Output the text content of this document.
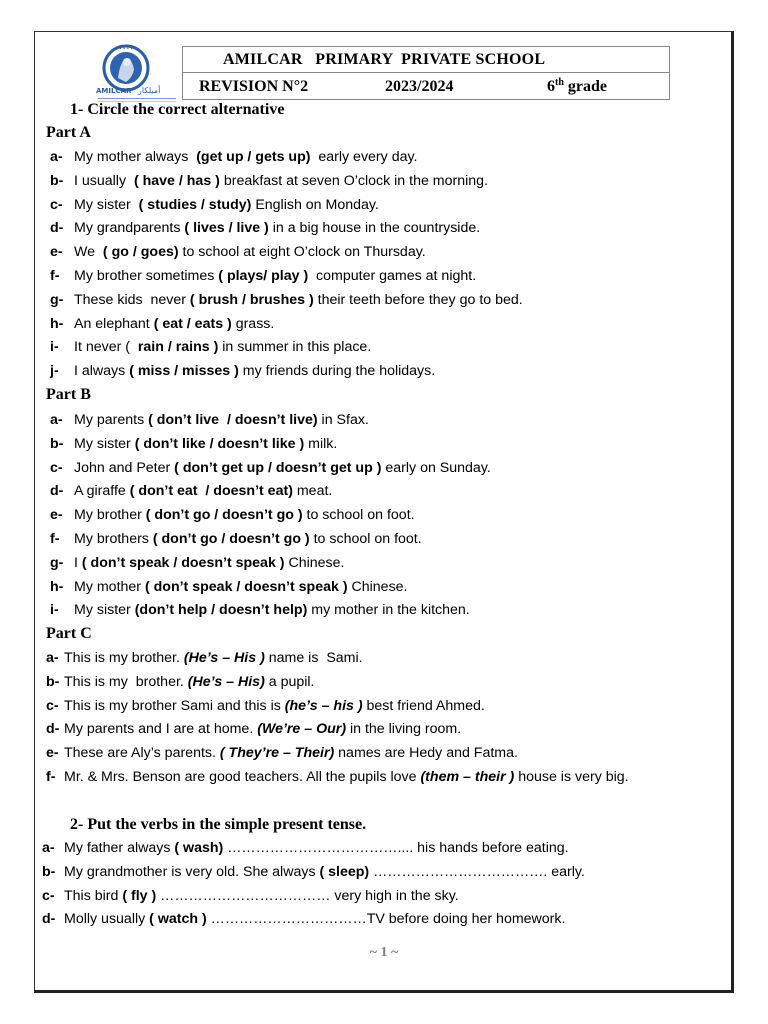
• • • • • •
AMILCAR أميلكار
AMILCAR   PRIMARY  PRIVATE SCHOOL
REVISION N°2	2023/2024	6th grade
1- Circle the correct alternative
Part A
a- My mother always  (get up / gets up)  early every day.
b- I usually  ( have / has ) breakfast at seven O’clock in the morning.
c- My sister  ( studies / study) English on Monday.
d- My grandparents ( lives / live ) in a big house in the countryside.
e- We  ( go / goes) to school at eight O’clock on Thursday.
f- My brother sometimes ( plays/ play )  computer games at night.
g- These kids  never ( brush / brushes ) their teeth before they go to bed.
h- An elephant ( eat / eats ) grass.
i- It never (  rain / rains ) in summer in this place.
j- I always ( miss / misses ) my friends during the holidays.
Part B
a- My parents ( don’t live  / doesn’t live) in Sfax.
b- My sister ( don’t like / doesn’t like ) milk.
c- John and Peter ( don’t get up / doesn’t get up ) early on Sunday.
d- A giraffe ( don’t eat  / doesn’t eat) meat.
e- My brother ( don’t go / doesn’t go ) to school on foot.
f- My brothers ( don’t go / doesn’t go ) to school on foot.
g- I ( don’t speak / doesn’t speak ) Chinese.
h- My mother ( don’t speak / doesn’t speak ) Chinese.
i- My sister (don’t help / doesn’t help) my mother in the kitchen.
Part C
a- This is my brother. (He’s – His ) name is  Sami.
b- This is my  brother. (He’s – His) a pupil.
c- This is my brother Sami and this is (he’s – his ) best friend Ahmed.
d- My parents and I are at home. (We’re – Our) in the living room.
e- These are Aly’s parents. ( They’re – Their) names are Hedy and Fatma.
f- Mr. & Mrs. Benson are good teachers. All the pupils love (them – their ) house is very big.
2- Put the verbs in the simple present tense.
a- My father always ( wash) ……………………………….... his hands before eating.
b- My grandmother is very old. She always ( sleep) ………………………………. early.
c- This bird ( fly ) ……………………………… very high in the sky.
d- Molly usually ( watch ) ……………………………TV before doing her homework.
~ 1 ~
